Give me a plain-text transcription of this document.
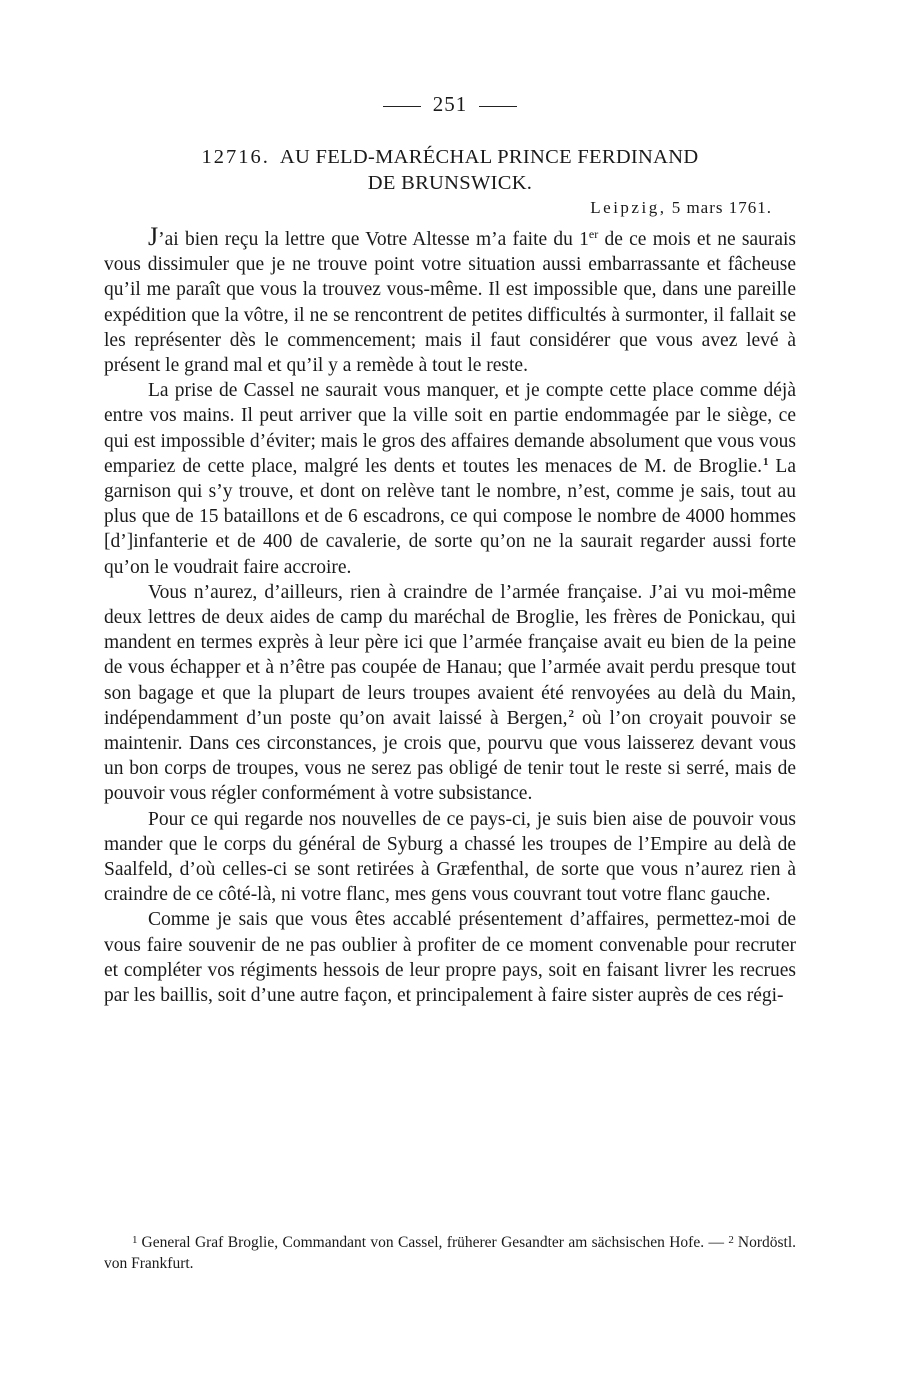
251
12716. AU FELD-MARÉCHAL PRINCE FERDINAND
DE BRUNSWICK.
Leipzig, 5 mars 1761.

J’ai bien reçu la lettre que Votre Altesse m’a faite du 1er de ce mois et ne saurais vous dissimuler que je ne trouve point votre situation aussi embarrassante et fâcheuse qu’il me paraît que vous la trouvez vous-même. Il est impossible que, dans une pareille expédition que la vôtre, il ne se rencontrent de petites difficultés à surmonter, il fallait se les représenter dès le commencement; mais il faut considérer que vous avez levé à présent le grand mal et qu’il y a remède à tout le reste.

La prise de Cassel ne saurait vous manquer, et je compte cette place comme déjà entre vos mains. Il peut arriver que la ville soit en partie endommagée par le siège, ce qui est impossible d’éviter; mais le gros des affaires demande absolument que vous vous empariez de cette place, malgré les dents et toutes les menaces de M. de Broglie.$^1$ La garnison qui s’y trouve, et dont on relève tant le nombre, n’est, comme je sais, tout au plus que de 15 bataillons et de 6 escadrons, ce qui compose le nombre de 4000 hommes [d’]infanterie et de 400 de cavalerie, de sorte qu’on ne la saurait regarder aussi forte qu’on le voudrait faire accroire.

Vous n’aurez, d’ailleurs, rien à craindre de l’armée française. J’ai vu moi-même deux lettres de deux aides de camp du maréchal de Broglie, les frères de Ponickau, qui mandent en termes exprès à leur père ici que l’armée française avait eu bien de la peine de vous échapper et à n’être pas coupée de Hanau; que l’armée avait perdu presque tout son bagage et que la plupart de leurs troupes avaient été renvoyées au delà du Main, indépendamment d’un poste qu’on avait laissé à Bergen,$^2$ où l’on croyait pouvoir se maintenir. Dans ces circonstances, je crois que, pourvu que vous laisserez devant vous un bon corps de troupes, vous ne serez pas obligé de tenir tout le reste si serré, mais de pouvoir vous régler conformément à votre subsistance.

Pour ce qui regarde nos nouvelles de ce pays-ci, je suis bien aise de pouvoir vous mander que le corps du général de Syburg a chassé les troupes de l’Empire au delà de Saalfeld, d’où celles-ci se sont retirées à Græfenthal, de sorte que vous n’aurez rien à craindre de ce côté-là, ni votre flanc, mes gens vous couvrant tout votre flanc gauche.

Comme je sais que vous êtes accablé présentement d’affaires, permettez-moi de vous faire souvenir de ne pas oublier à profiter de ce moment convenable pour recruter et compléter vos régiments hessois de leur propre pays, soit en faisant livrer les recrues par les baillis, soit d’une autre façon, et principalement à faire sister auprès de ces régi-

$^1$ General Graf Broglie, Commandant von Cassel, früherer Gesandter am sächsischen Hofe. — $^2$ Nordöstl. von Frankfurt.
